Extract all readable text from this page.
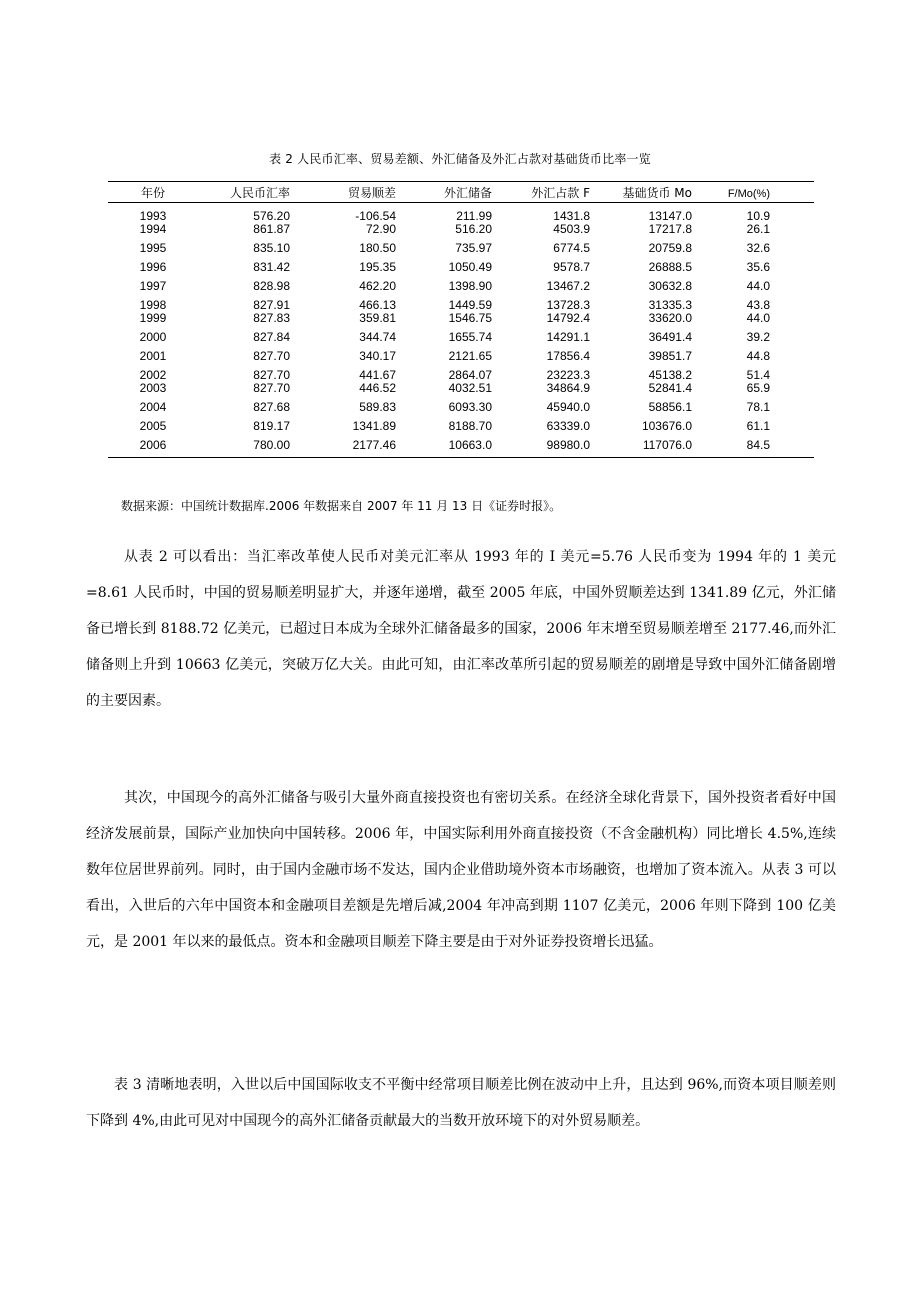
表 2 人民币汇率、贸易差额、外汇储备及外汇占款对基础货币比率一览
年份	人民币汇率	贸易顺差	外汇储备	外汇占款 F	基础货币 Mo	F/Mo(%)
1993	576.20	-106.54	211.99	1431.8	13147.0	10.9
1994	861.87	72.90	516.20	4503.9	17217.8	26.1
1995	835.10	180.50	735.97	6774.5	20759.8	32.6
1996	831.42	195.35	1050.49	9578.7	26888.5	35.6
1997	828.98	462.20	1398.90	13467.2	30632.8	44.0
1998	827.91	466.13	1449.59	13728.3	31335.3	43.8
1999	827.83	359.81	1546.75	14792.4	33620.0	44.0
2000	827.84	344.74	1655.74	14291.1	36491.4	39.2
2001	827.70	340.17	2121.65	17856.4	39851.7	44.8
2002	827.70	441.67	2864.07	23223.3	45138.2	51.4
2003	827.70	446.52	4032.51	34864.9	52841.4	65.9
2004	827.68	589.83	6093.30	45940.0	58856.1	78.1
2005	819.17	1341.89	8188.70	63339.0	103676.0	61.1
2006	780.00	2177.46	10663.0	98980.0	117076.0	84.5
数据来源：中国统计数据库.2006 年数据来自 2007 年 11 月 13 日《证券时报》。

从表 2 可以看出：当汇率改革使人民币对美元汇率从 1993 年的 I 美元=5.76 人民币变为 1994 年的 1 美元=8.61 人民币时，中国的贸易顺差明显扩大，并逐年递增，截至 2005 年底，中国外贸顺差达到 1341.89 亿元，外汇储备已增长到 8188.72 亿美元，已超过日本成为全球外汇储备最多的国家，2006 年末增至贸易顺差增至 2177.46,而外汇储备则上升到 10663 亿美元，突破万亿大关。由此可知，由汇率改革所引起的贸易顺差的剧增是导致中国外汇储备剧增的主要因素。

其次，中国现今的高外汇储备与吸引大量外商直接投资也有密切关系。在经济全球化背景下，国外投资者看好中国经济发展前景，国际产业加快向中国转移。2006 年，中国实际利用外商直接投资（不含金融机构）同比增长 4.5%,连续数年位居世界前列。同时，由于国内金融市场不发达，国内企业借助境外资本市场融资，也增加了资本流入。从表 3 可以看出，入世后的六年中国资本和金融项目差额是先增后减,2004 年冲高到期 1107 亿美元，2006 年则下降到 100 亿美元，是 2001 年以来的最低点。资本和金融项目顺差下降主要是由于对外证券投资增长迅猛。

表 3 清晰地表明，入世以后中国国际收支不平衡中经常项目顺差比例在波动中上升，且达到 96%,而资本项目顺差则下降到 4%,由此可见对中国现今的高外汇储备贡献最大的当数开放环境下的对外贸易顺差。
